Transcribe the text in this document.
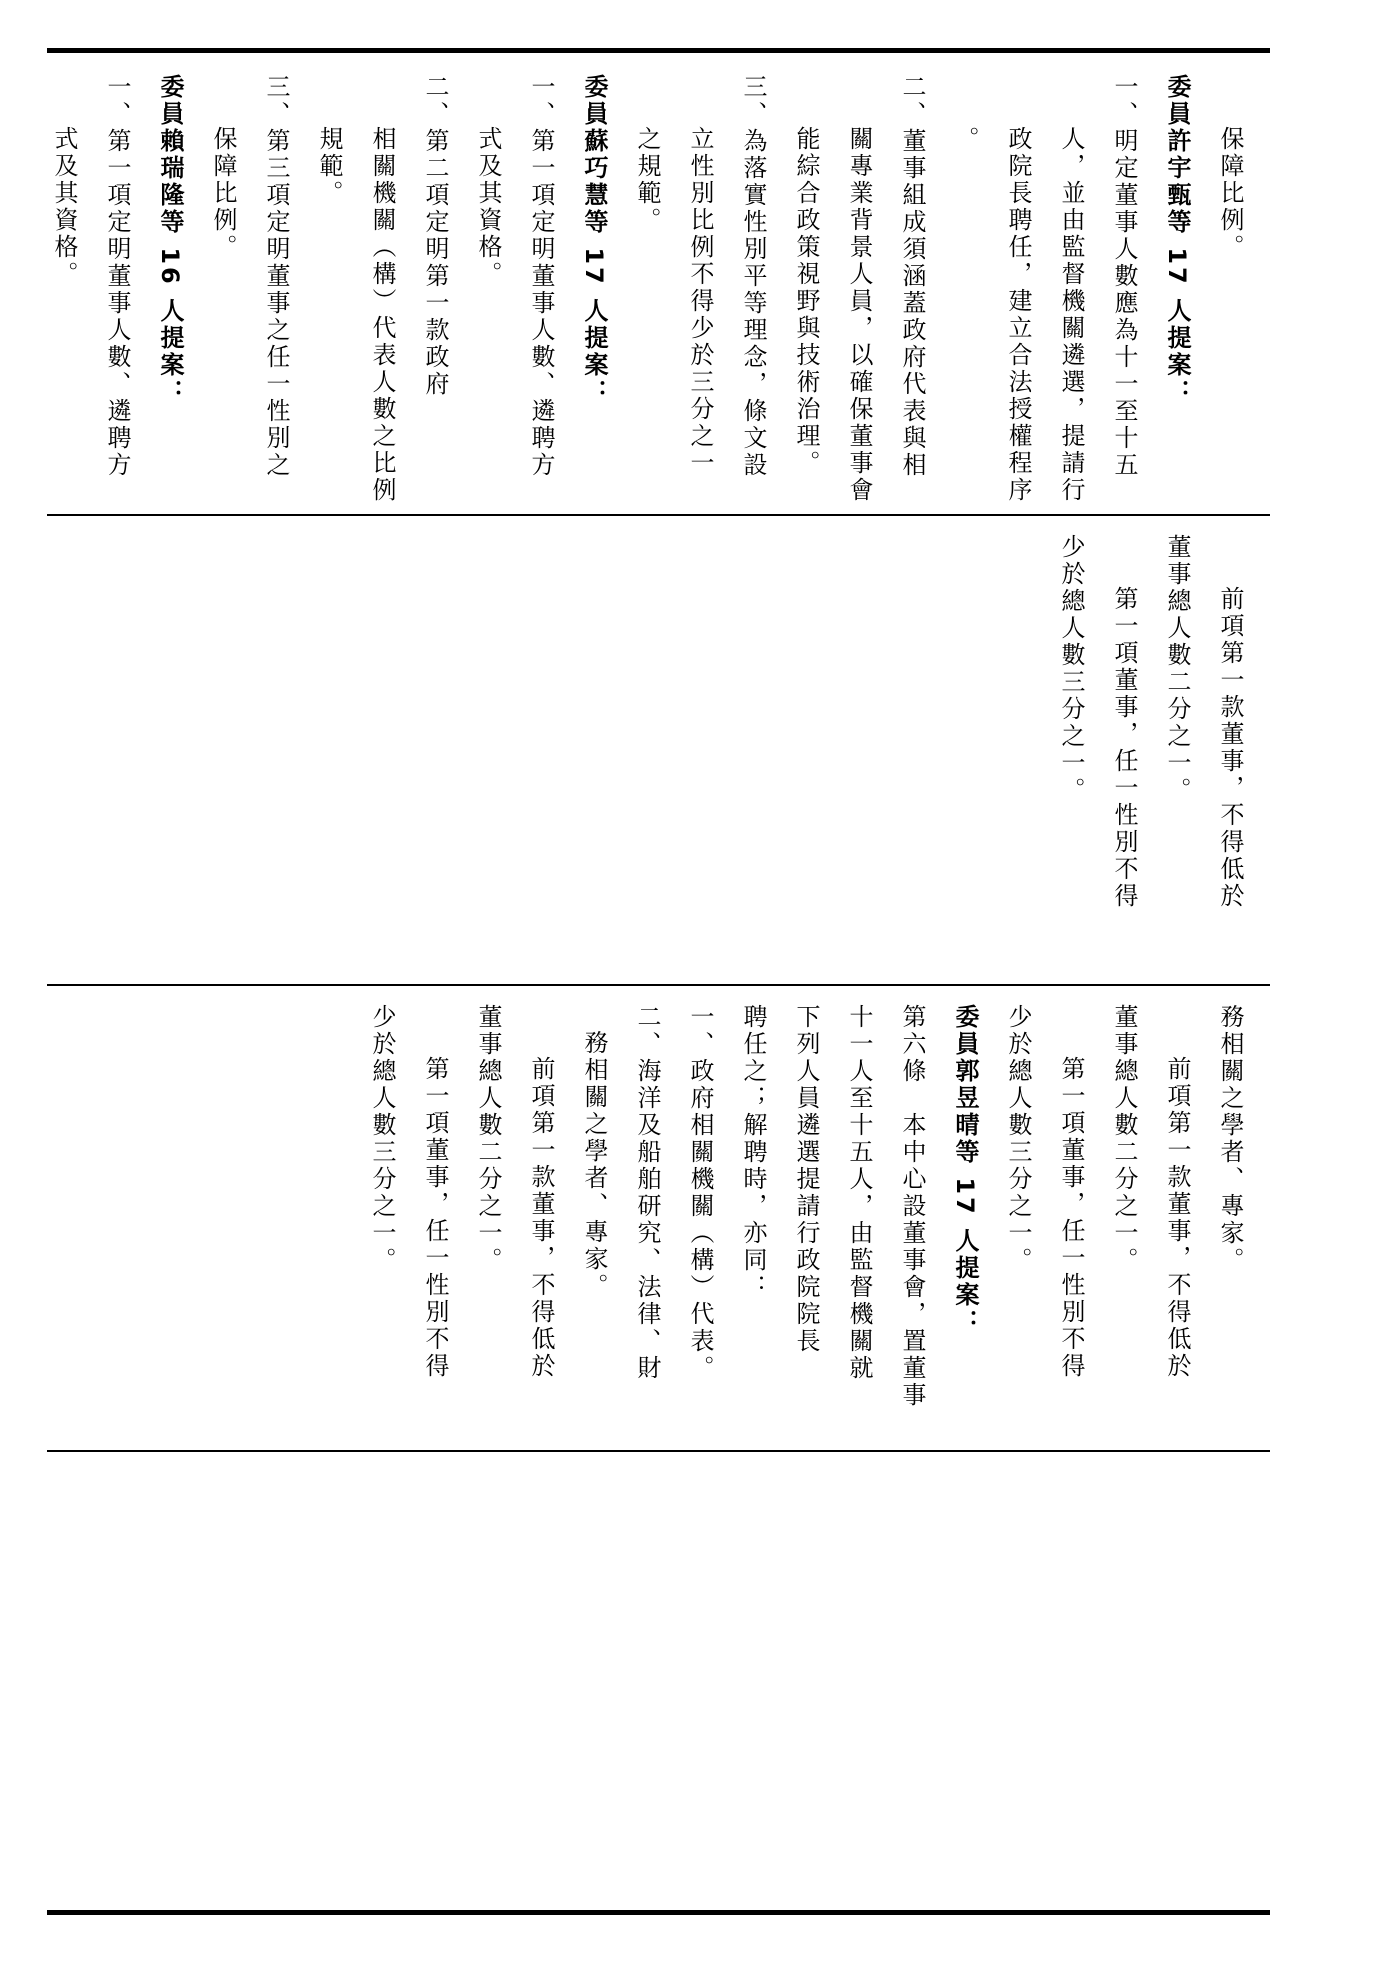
保障比例。

委員許宇甄等 17 人提案：

一、明定董事人數應為十一至十五

人，並由監督機關遴選，提請行

政院長聘任，建立合法授權程序

。

二、董事組成須涵蓋政府代表與相

關專業背景人員，以確保董事會

能綜合政策視野與技術治理。

三、為落實性別平等理念，條文設

立性別比例不得少於三分之一

之規範。

委員蘇巧慧等 17 人提案：

一、第一項定明董事人數、遴聘方

式及其資格。

二、第二項定明第一款政府

相關機關（構）代表人數之比例

規範。

三、第三項定明董事之任一性別之

保障比例。

委員賴瑞隆等 16 人提案：

一、第一項定明董事人數、遴聘方

式及其資格。

前項第一款董事，不得低於

董事總人數二分之一。

第一項董事，任一性別不得

少於總人數三分之一。

務相關之學者、專家。

前項第一款董事，不得低於

董事總人數二分之一。

第一項董事，任一性別不得

少於總人數三分之一。

委員郭昱晴等 17 人提案：

第六條　本中心設董事會，置董事

十一人至十五人，由監督機關就

下列人員遴選提請行政院院長

聘任之；解聘時，亦同：

一、政府相關機關（構）代表。

二、海洋及船舶研究、法律、財

務相關之學者、專家。

前項第一款董事，不得低於

董事總人數二分之一。

第一項董事，任一性別不得

少於總人數三分之一。
